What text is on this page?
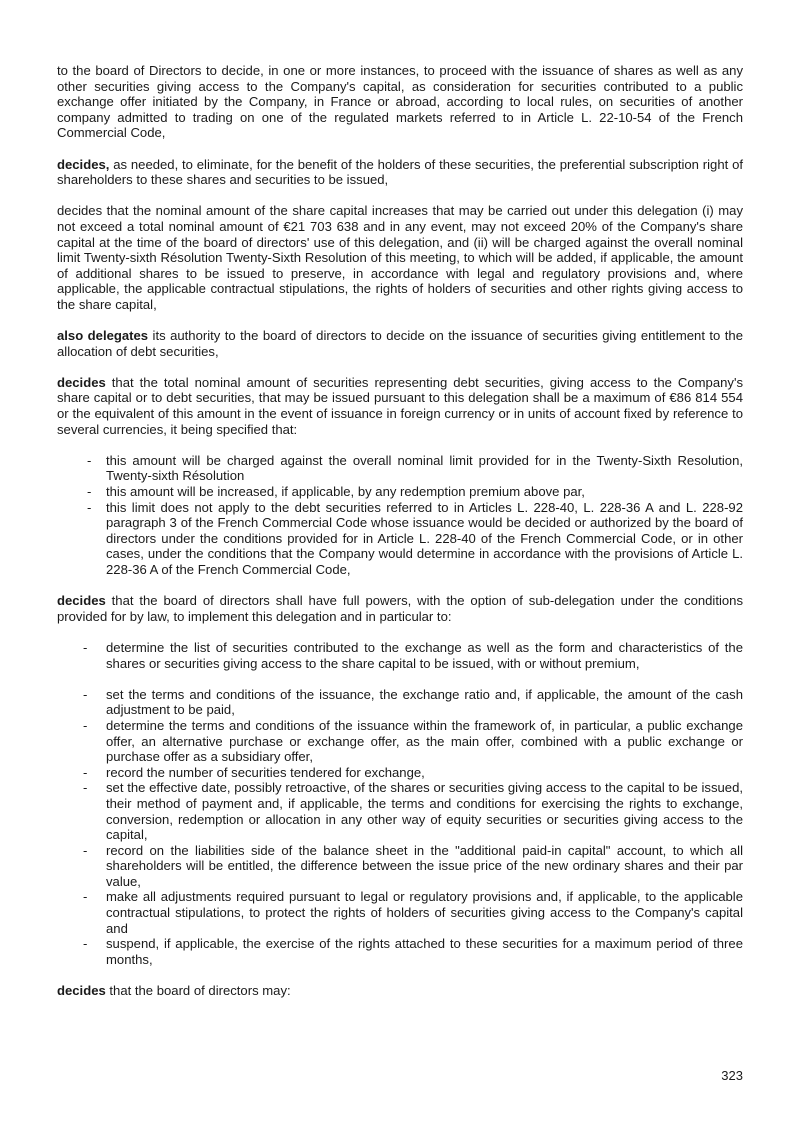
to the board of Directors to decide, in one or more instances, to proceed with the issuance of shares as well as any other securities giving access to the Company's capital, as consideration for securities contributed to a public exchange offer initiated by the Company, in France or abroad, according to local rules, on securities of another company admitted to trading on one of the regulated markets referred to in Article L. 22-10-54 of the French Commercial Code,

decides, as needed, to eliminate, for the benefit of the holders of these securities, the preferential subscription right of shareholders to these shares and securities to be issued,

decides that the nominal amount of the share capital increases that may be carried out under this delegation (i) may not exceed a total nominal amount of €21 703 638 and in any event, may not exceed 20% of the Company's share capital at the time of the board of directors' use of this delegation, and (ii) will be charged against the overall nominal limit Twenty-sixth Résolution Twenty-Sixth Resolution of this meeting, to which will be added, if applicable, the amount of additional shares to be issued to preserve, in accordance with legal and regulatory provisions and, where applicable, the applicable contractual stipulations, the rights of holders of securities and other rights giving access to the share capital,

also delegates its authority to the board of directors to decide on the issuance of securities giving entitlement to the allocation of debt securities,

decides that the total nominal amount of securities representing debt securities, giving access to the Company's share capital or to debt securities, that may be issued pursuant to this delegation shall be a maximum of €86 814 554 or the equivalent of this amount in the event of issuance in foreign currency or in units of account fixed by reference to several currencies, it being specified that:

- this amount will be charged against the overall nominal limit provided for in the Twenty-Sixth Resolution, Twenty-sixth Résolution
- this amount will be increased, if applicable, by any redemption premium above par,
- this limit does not apply to the debt securities referred to in Articles L. 228-40, L. 228-36 A and L. 228-92 paragraph 3 of the French Commercial Code whose issuance would be decided or authorized by the board of directors under the conditions provided for in Article L. 228-40 of the French Commercial Code, or in other cases, under the conditions that the Company would determine in accordance with the provisions of Article L. 228-36 A of the French Commercial Code,

decides that the board of directors shall have full powers, with the option of sub-delegation under the conditions provided for by law, to implement this delegation and in particular to:

- determine the list of securities contributed to the exchange as well as the form and characteristics of the shares or securities giving access to the share capital to be issued, with or without premium,
- set the terms and conditions of the issuance, the exchange ratio and, if applicable, the amount of the cash adjustment to be paid,
- determine the terms and conditions of the issuance within the framework of, in particular, a public exchange offer, an alternative purchase or exchange offer, as the main offer, combined with a public exchange or purchase offer as a subsidiary offer,
- record the number of securities tendered for exchange,
- set the effective date, possibly retroactive, of the shares or securities giving access to the capital to be issued, their method of payment and, if applicable, the terms and conditions for exercising the rights to exchange, conversion, redemption or allocation in any other way of equity securities or securities giving access to the capital,
- record on the liabilities side of the balance sheet in the "additional paid-in capital" account, to which all shareholders will be entitled, the difference between the issue price of the new ordinary shares and their par value,
- make all adjustments required pursuant to legal or regulatory provisions and, if applicable, to the applicable contractual stipulations, to protect the rights of holders of securities giving access to the Company's capital and
- suspend, if applicable, the exercise of the rights attached to these securities for a maximum period of three months,

decides that the board of directors may:

323
